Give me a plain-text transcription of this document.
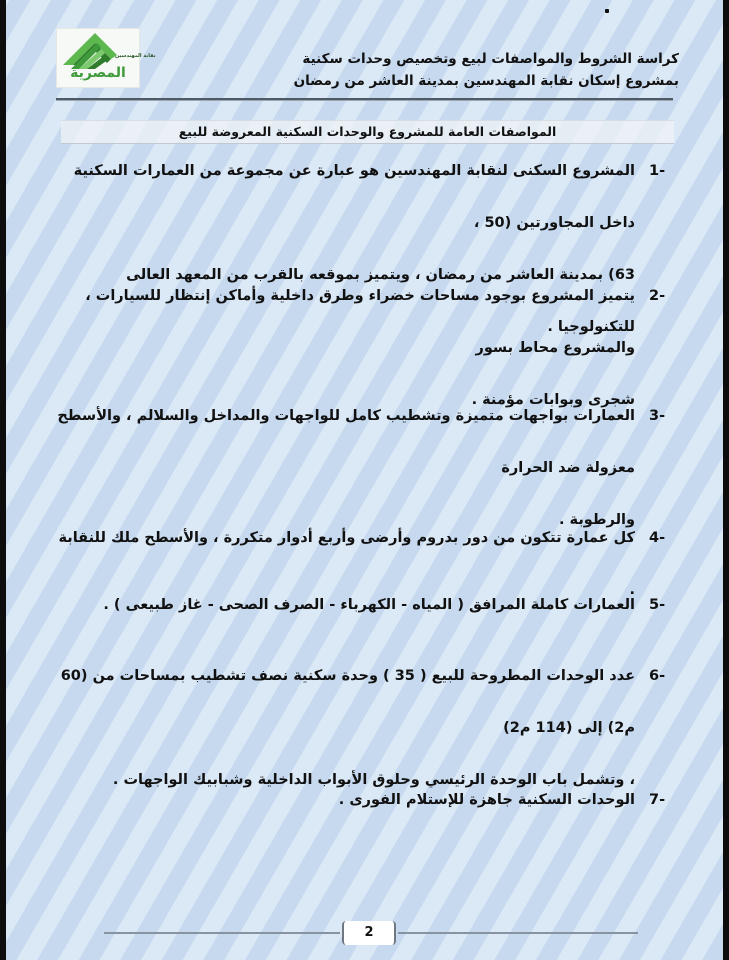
نقابة المهندسين
المصرية
كراسة الشروط والمواصفات لبيع وتخصيص وحدات سكنية
بمشروع إسكان نقابة المهندسين بمدينة العاشر من رمضان
المواصفات العامة للمشروع والوحدات السكنية المعروضة للبيع
1-
المشروع السكنى لنقابة المهندسين هو عبارة عن مجموعة من العمارات السكنية داخل المجاورتين (50 ،
63) بمدينة العاشر من رمضان ، ويتميز بموقعه بالقرب من المعهد العالى للتكنولوجيا .
2-
يتميز المشروع بوجود مساحات خضراء وطرق داخلية وأماكن إنتظار للسيارات ، والمشروع محاط بسور
شجرى وبوابات مؤمنة .
3-
العمارات بواجهات متميزة وتشطيب كامل للواجهات والمداخل والسلالم ، والأسطح معزولة ضد الحرارة
والرطوبة .
4-
كل عمارة تتكون من دور بدروم وأرضى وأربع أدوار متكررة ، والأسطح ملك للنقابة .
5-
العمارات كاملة المرافق ( المياه - الكهرباء - الصرف الصحى - غاز طبيعى ) .
6-
عدد الوحدات المطروحة للبيع ( 35 ) وحدة سكنية نصف تشطيب بمساحات من (60 م2) إلى (114 م2)
، وتشمل باب الوحدة الرئيسي وحلوق الأبواب الداخلية وشبابيك الواجهات .
7-
الوحدات السكنية جاهزة للإستلام الفورى .
2
